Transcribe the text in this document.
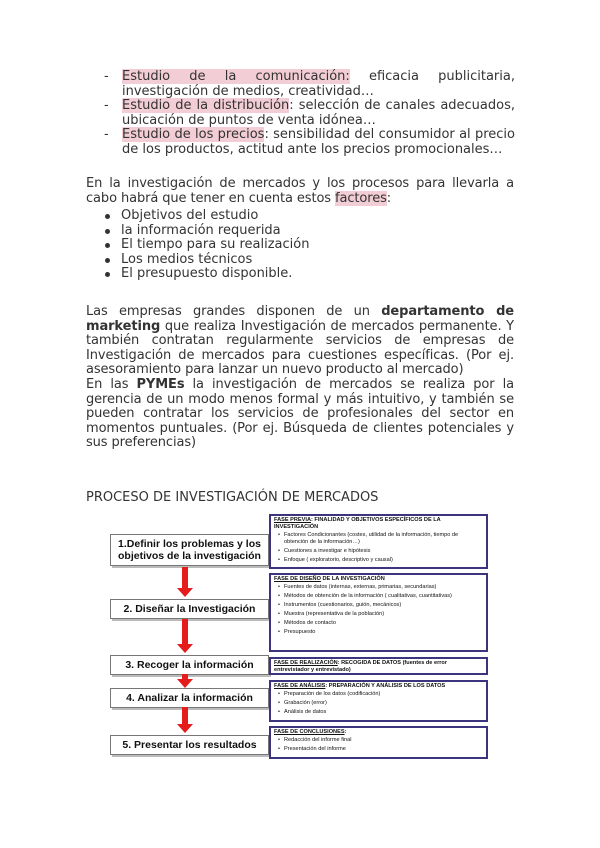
- Estudio de la comunicación: eficacia publicitaria, investigación de medios, creatividad…
- Estudio de la distribución: selección de canales adecuados, ubicación de puntos de venta idónea…
- Estudio de los precios: sensibilidad del consumidor al precio de los productos, actitud ante los precios promocionales…
En la investigación de mercados y los procesos para llevarla a cabo habrá que tener en cuenta estos factores:
Objetivos del estudio
la información requerida
El tiempo para su realización
Los medios técnicos
El presupuesto disponible.
Las empresas grandes disponen de un departamento de marketing que realiza Investigación de mercados permanente. Y también contratan regularmente servicios de empresas de Investigación de mercados para cuestiones específicas. (Por ej. asesoramiento para lanzar un nuevo producto al mercado)
En las PYMEs la investigación de mercados se realiza por la gerencia de un modo menos formal y más intuitivo, y también se pueden contratar los servicios de profesionales del sector en momentos puntuales. (Por ej. Búsqueda de clientes potenciales y sus preferencias)
PROCESO DE INVESTIGACIÓN DE MERCADOS
1.Definir los problemas y los objetivos de la investigación
2. Diseñar la Investigación
3. Recoger la información
4. Analizar la información
5. Presentar los resultados
FASE PREVIA: FINALIDAD Y OBJETIVOS ESPECÍFICOS DE LA INVESTIGACIÓN
• Factores Condicionantes (costes, utilidad de la información, tiempo de obtención de la información…)
• Cuestiones a investigar e hipótesis
• Enfoque ( exploratorio, descriptivo y causal)
FASE DE DISEÑO DE LA INVESTIGACIÓN
• Fuentes de datos (internas, externas, primarias, secundarias)
• Métodos de obtención de la información ( cualitativas, cuantitativas)
• Instrumentos (cuestionarios, guión, mecánicos)
• Muestra (representativa de la población)
• Métodos de contacto
• Presupuesto
FASE DE REALIZACIÓN: RECOGIDA DE DATOS (fuentes de error entrevistador y entrevistado)
FASE DE ANÁLISIS: PREPARACIÓN Y ANÁLISIS DE LOS DATOS
• Preparación de los datos (codificación)
• Grabación (error)
• Análisis de datos
FASE DE CONCLUSIONES:
• Redacción del informe final
• Presentación del informe
